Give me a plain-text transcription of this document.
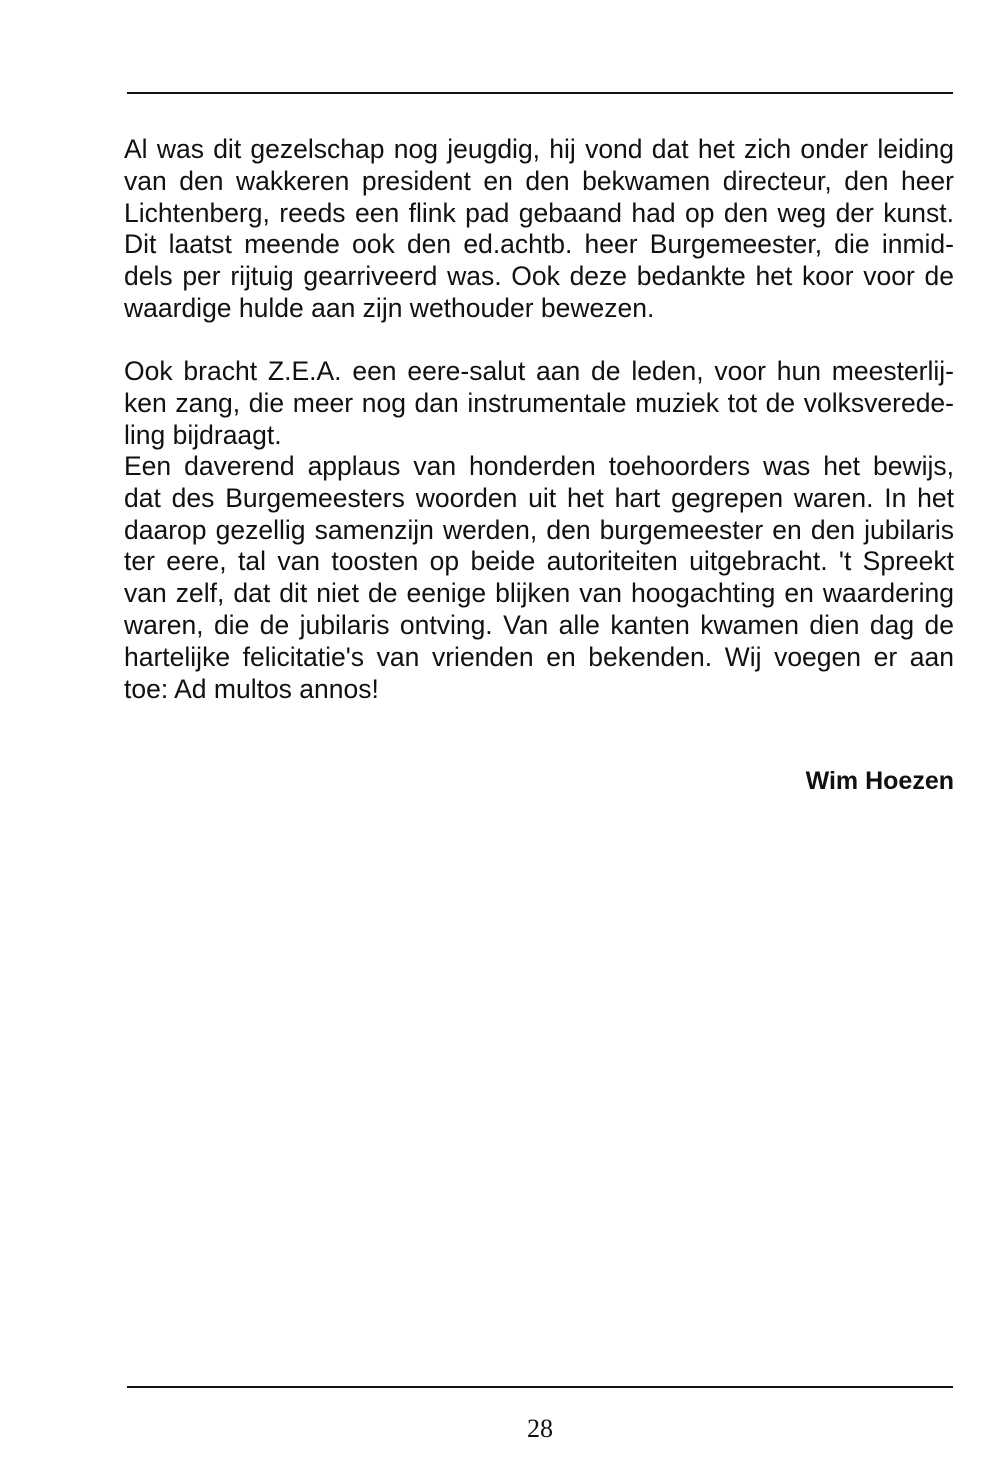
Al was dit gezelschap nog jeugdig, hij vond dat het zich onder leiding
van den wakkeren president en den bekwamen directeur, den heer
Lichtenberg, reeds een flink pad gebaand had op den weg der kunst.
Dit laatst meende ook den ed.achtb. heer Burgemeester, die inmid-
dels per rijtuig gearriveerd was. Ook deze bedankte het koor voor de
waardige hulde aan zijn wethouder bewezen.
Ook bracht Z.E.A. een eere-salut aan de leden, voor hun meesterlij-
ken zang, die meer nog dan instrumentale muziek tot de volksverede-
ling bijdraagt.
Een daverend applaus van honderden toehoorders was het bewijs,
dat des Burgemeesters woorden uit het hart gegrepen waren. In het
daarop gezellig samenzijn werden, den burgemeester en den jubilaris
ter eere, tal van toosten op beide autoriteiten uitgebracht. 't Spreekt
van zelf, dat dit niet de eenige blijken van hoogachting en waardering
waren, die de jubilaris ontving. Van alle kanten kwamen dien dag de
hartelijke felicitatie's van vrienden en bekenden. Wij voegen er aan
toe: Ad multos annos!
Wim Hoezen
28
